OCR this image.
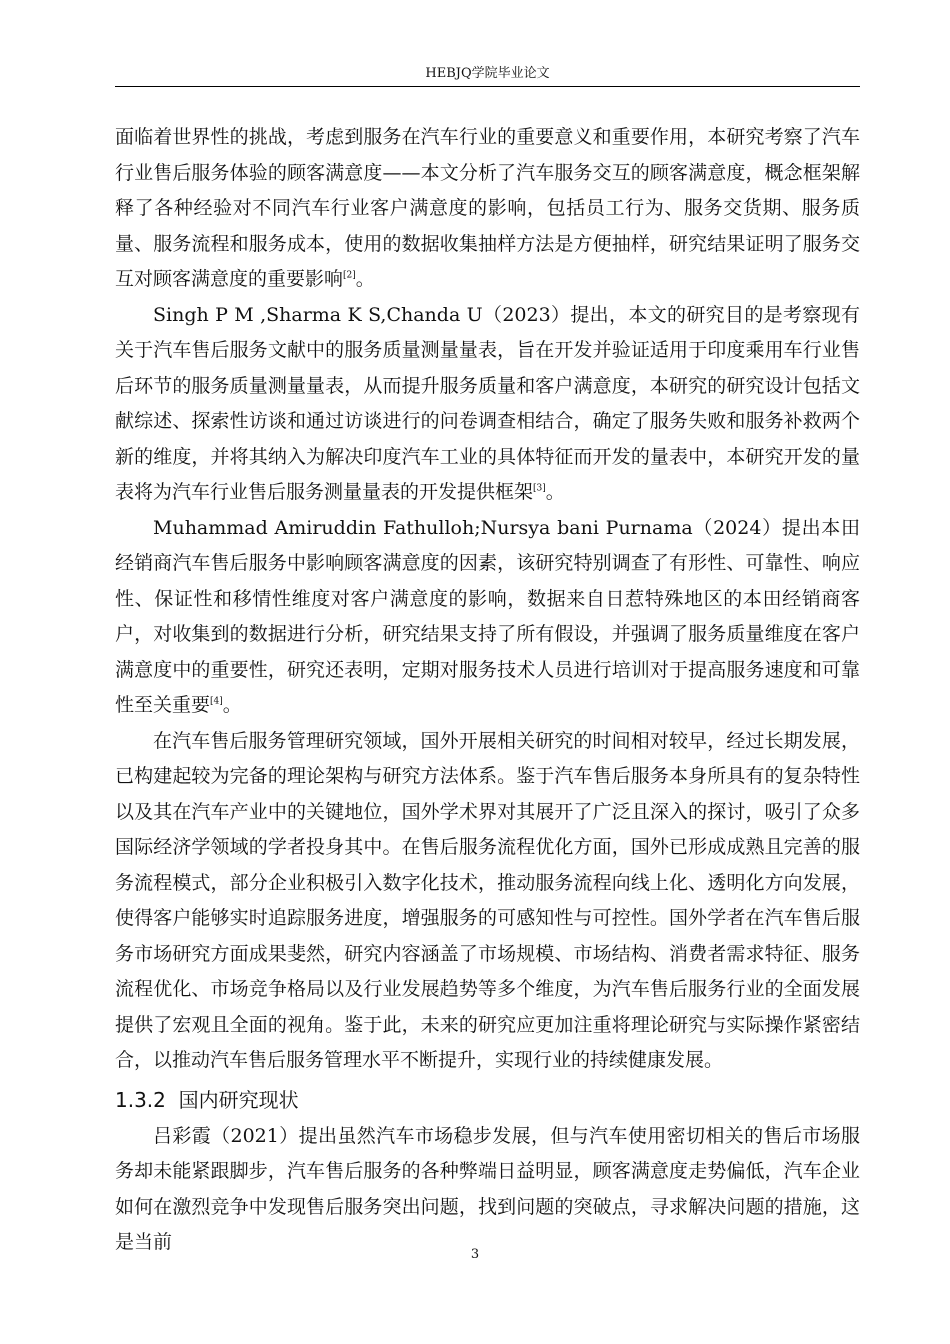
HEBJQ学院毕业论文

面临着世界性的挑战，考虑到服务在汽车行业的重要意义和重要作用，本研究考察了汽车行业售后服务体验的顾客满意度——本文分析了汽车服务交互的顾客满意度，概念框架解释了各种经验对不同汽车行业客户满意度的影响，包括员工行为、服务交货期、服务质量、服务流程和服务成本，使用的数据收集抽样方法是方便抽样，研究结果证明了服务交互对顾客满意度的重要影响[2]。

Singh P M ,Sharma K S,Chanda U（2023）提出，本文的研究目的是考察现有关于汽车售后服务文献中的服务质量测量量表，旨在开发并验证适用于印度乘用车行业售后环节的服务质量测量量表，从而提升服务质量和客户满意度，本研究的研究设计包括文献综述、探索性访谈和通过访谈进行的问卷调查相结合，确定了服务失败和服务补救两个新的维度，并将其纳入为解决印度汽车工业的具体特征而开发的量表中，本研究开发的量表将为汽车行业售后服务测量量表的开发提供框架[3]。

Muhammad Amiruddin Fathulloh;Nursya bani Purnama（2024）提出本田经销商汽车售后服务中影响顾客满意度的因素，该研究特别调查了有形性、可靠性、响应性、保证性和移情性维度对客户满意度的影响，数据来自日惹特殊地区的本田经销商客户，对收集到的数据进行分析，研究结果支持了所有假设，并强调了服务质量维度在客户满意度中的重要性，研究还表明，定期对服务技术人员进行培训对于提高服务速度和可靠性至关重要[4]。

在汽车售后服务管理研究领域，国外开展相关研究的时间相对较早，经过长期发展，已构建起较为完备的理论架构与研究方法体系。鉴于汽车售后服务本身所具有的复杂特性以及其在汽车产业中的关键地位，国外学术界对其展开了广泛且深入的探讨，吸引了众多国际经济学领域的学者投身其中。在售后服务流程优化方面，国外已形成成熟且完善的服务流程模式，部分企业积极引入数字化技术，推动服务流程向线上化、透明化方向发展，使得客户能够实时追踪服务进度，增强服务的可感知性与可控性。国外学者在汽车售后服务市场研究方面成果斐然，研究内容涵盖了市场规模、市场结构、消费者需求特征、服务流程优化、市场竞争格局以及行业发展趋势等多个维度，为汽车售后服务行业的全面发展提供了宏观且全面的视角。鉴于此，未来的研究应更加注重将理论研究与实际操作紧密结合，以推动汽车售后服务管理水平不断提升，实现行业的持续健康发展。

1.3.2 国内研究现状

吕彩霞（2021）提出虽然汽车市场稳步发展，但与汽车使用密切相关的售后市场服务却未能紧跟脚步，汽车售后服务的各种弊端日益明显，顾客满意度走势偏低，汽车企业如何在激烈竞争中发现售后服务突出问题，找到问题的突破点，寻求解决问题的措施，这是当前

3
